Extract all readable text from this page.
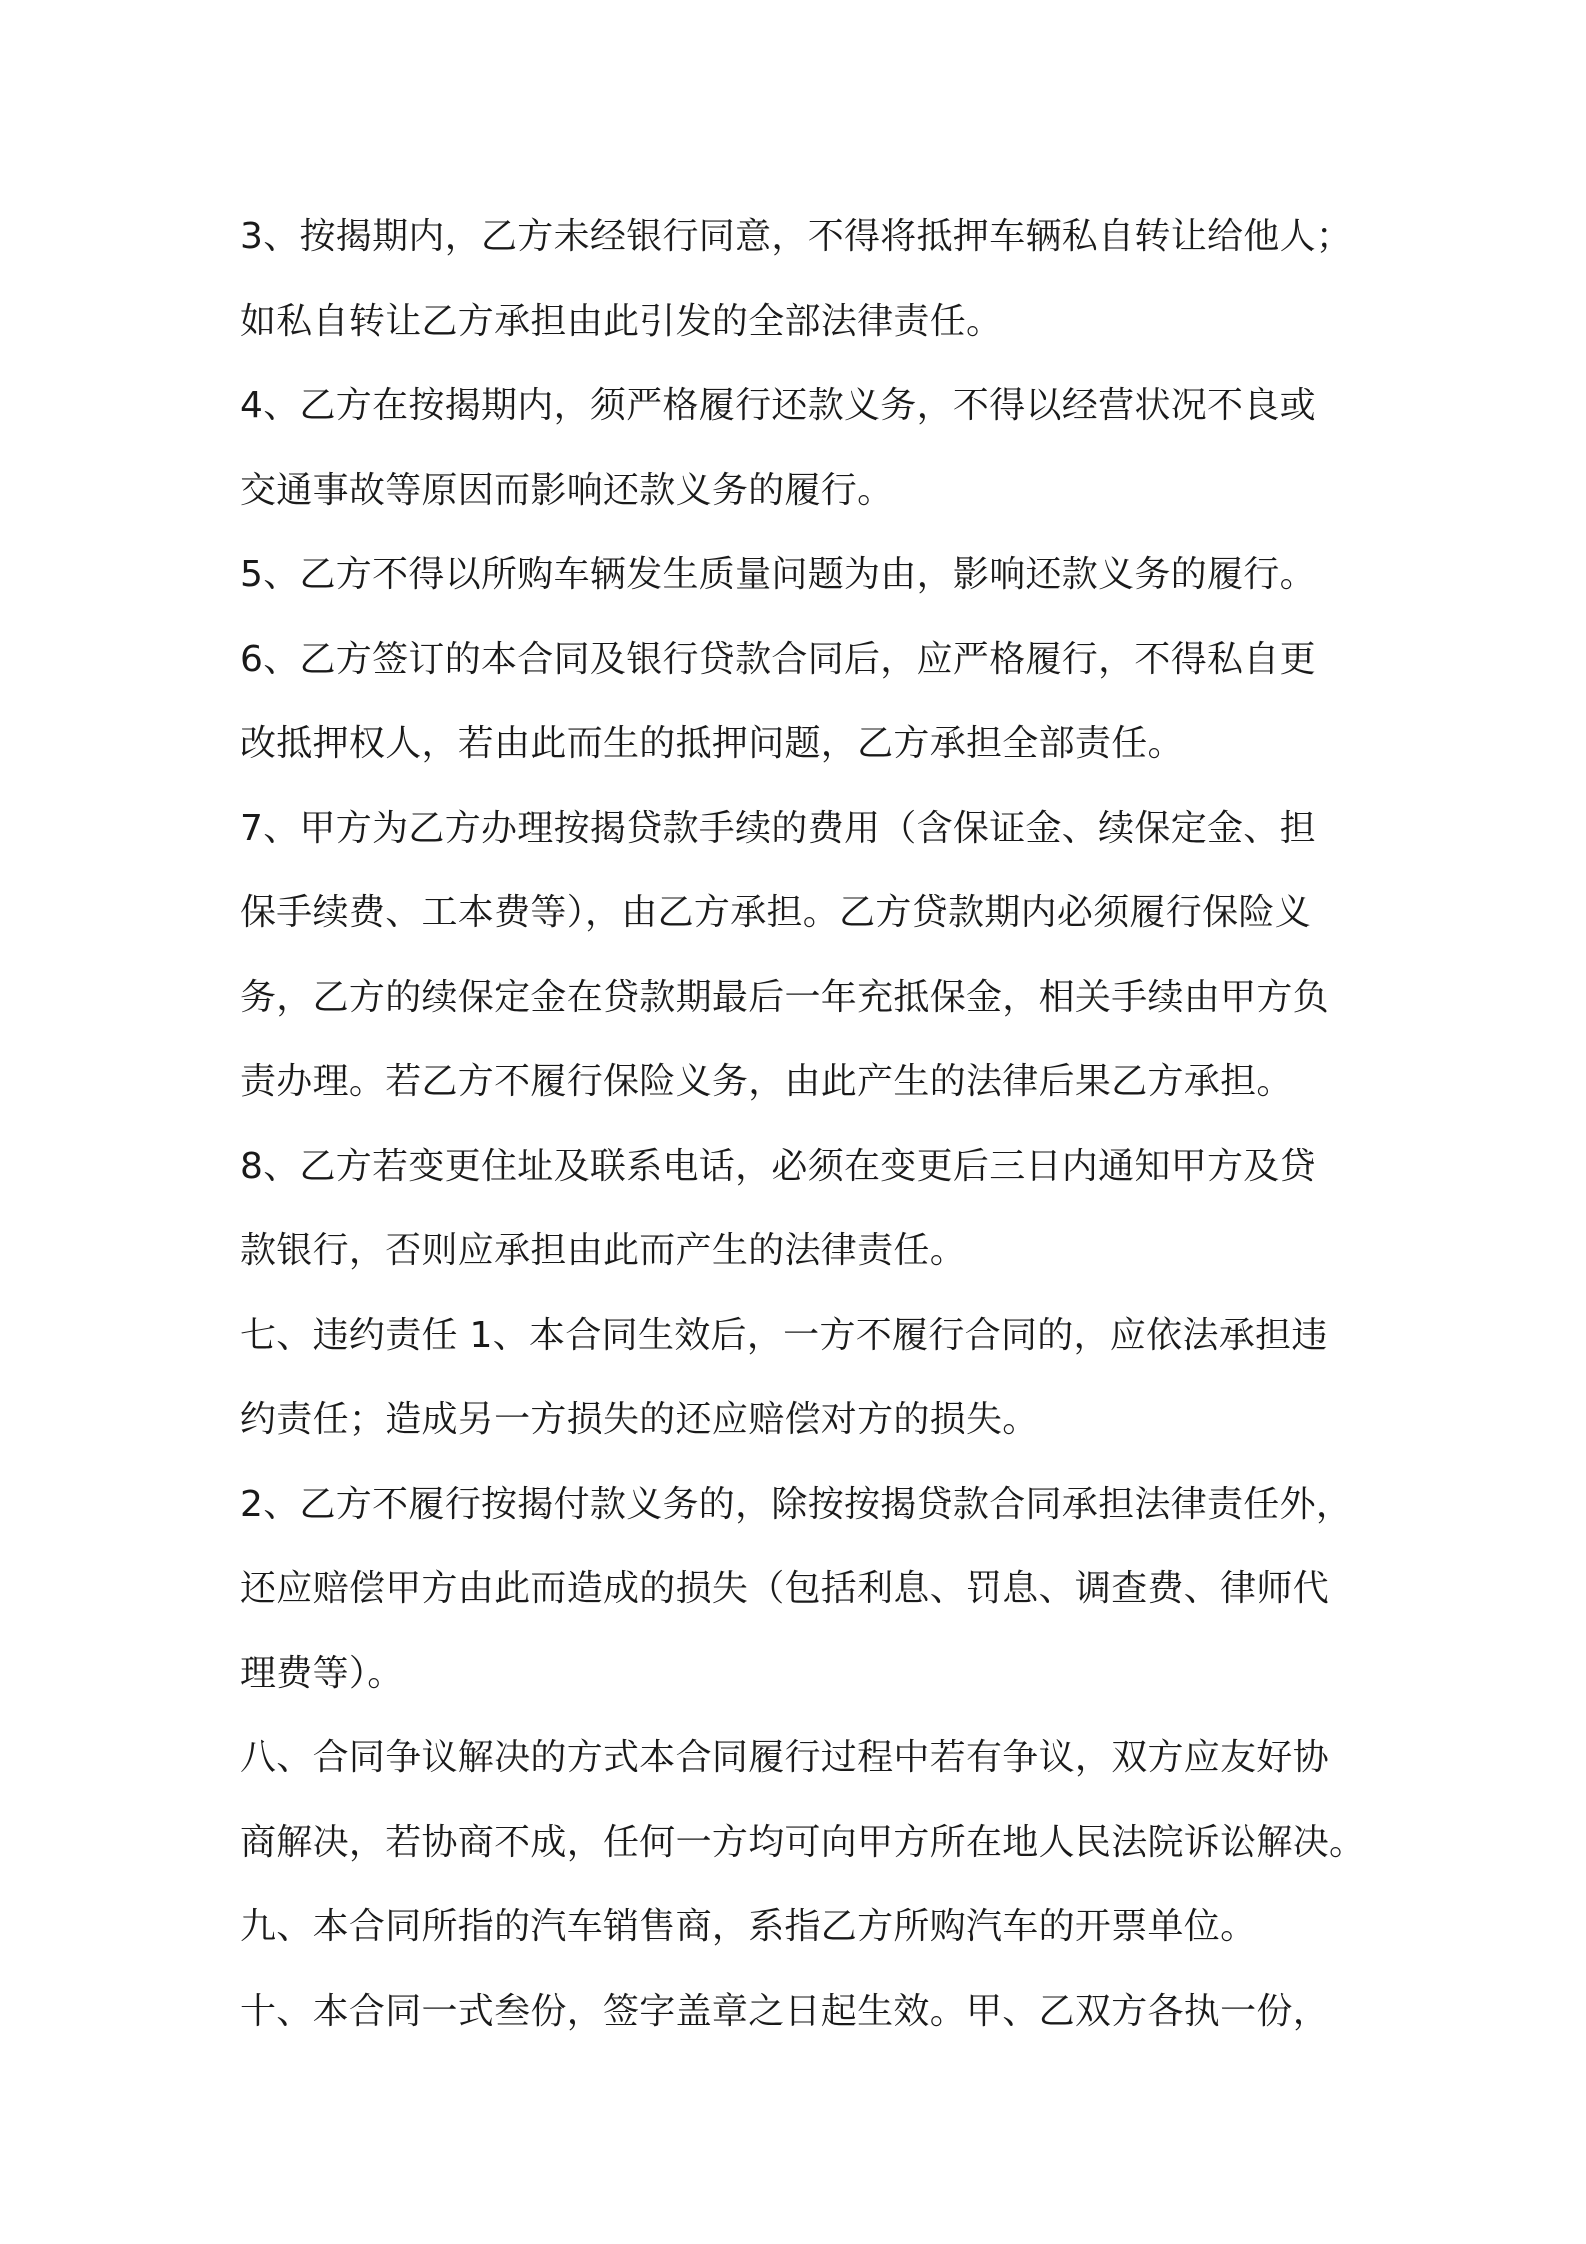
3、按揭期内，乙方未经银行同意，不得将抵押车辆私自转让给他人；
如私自转让乙方承担由此引发的全部法律责任。
4、乙方在按揭期内，须严格履行还款义务，不得以经营状况不良或
交通事故等原因而影响还款义务的履行。
5、乙方不得以所购车辆发生质量问题为由，影响还款义务的履行。
6、乙方签订的本合同及银行贷款合同后，应严格履行，不得私自更
改抵押权人，若由此而生的抵押问题，乙方承担全部责任。
7、甲方为乙方办理按揭贷款手续的费用（含保证金、续保定金、担
保手续费、工本费等），由乙方承担。乙方贷款期内必须履行保险义
务，乙方的续保定金在贷款期最后一年充抵保金，相关手续由甲方负
责办理。若乙方不履行保险义务，由此产生的法律后果乙方承担。
8、乙方若变更住址及联系电话，必须在变更后三日内通知甲方及贷
款银行，否则应承担由此而产生的法律责任。
七、违约责任 1、本合同生效后，一方不履行合同的，应依法承担违
约责任；造成另一方损失的还应赔偿对方的损失。
2、乙方不履行按揭付款义务的，除按按揭贷款合同承担法律责任外，
还应赔偿甲方由此而造成的损失（包括利息、罚息、调查费、律师代
理费等）。
八、合同争议解决的方式本合同履行过程中若有争议，双方应友好协
商解决，若协商不成，任何一方均可向甲方所在地人民法院诉讼解决。
九、本合同所指的汽车销售商，系指乙方所购汽车的开票单位。
十、本合同一式叁份，签字盖章之日起生效。甲、乙双方各执一份，
